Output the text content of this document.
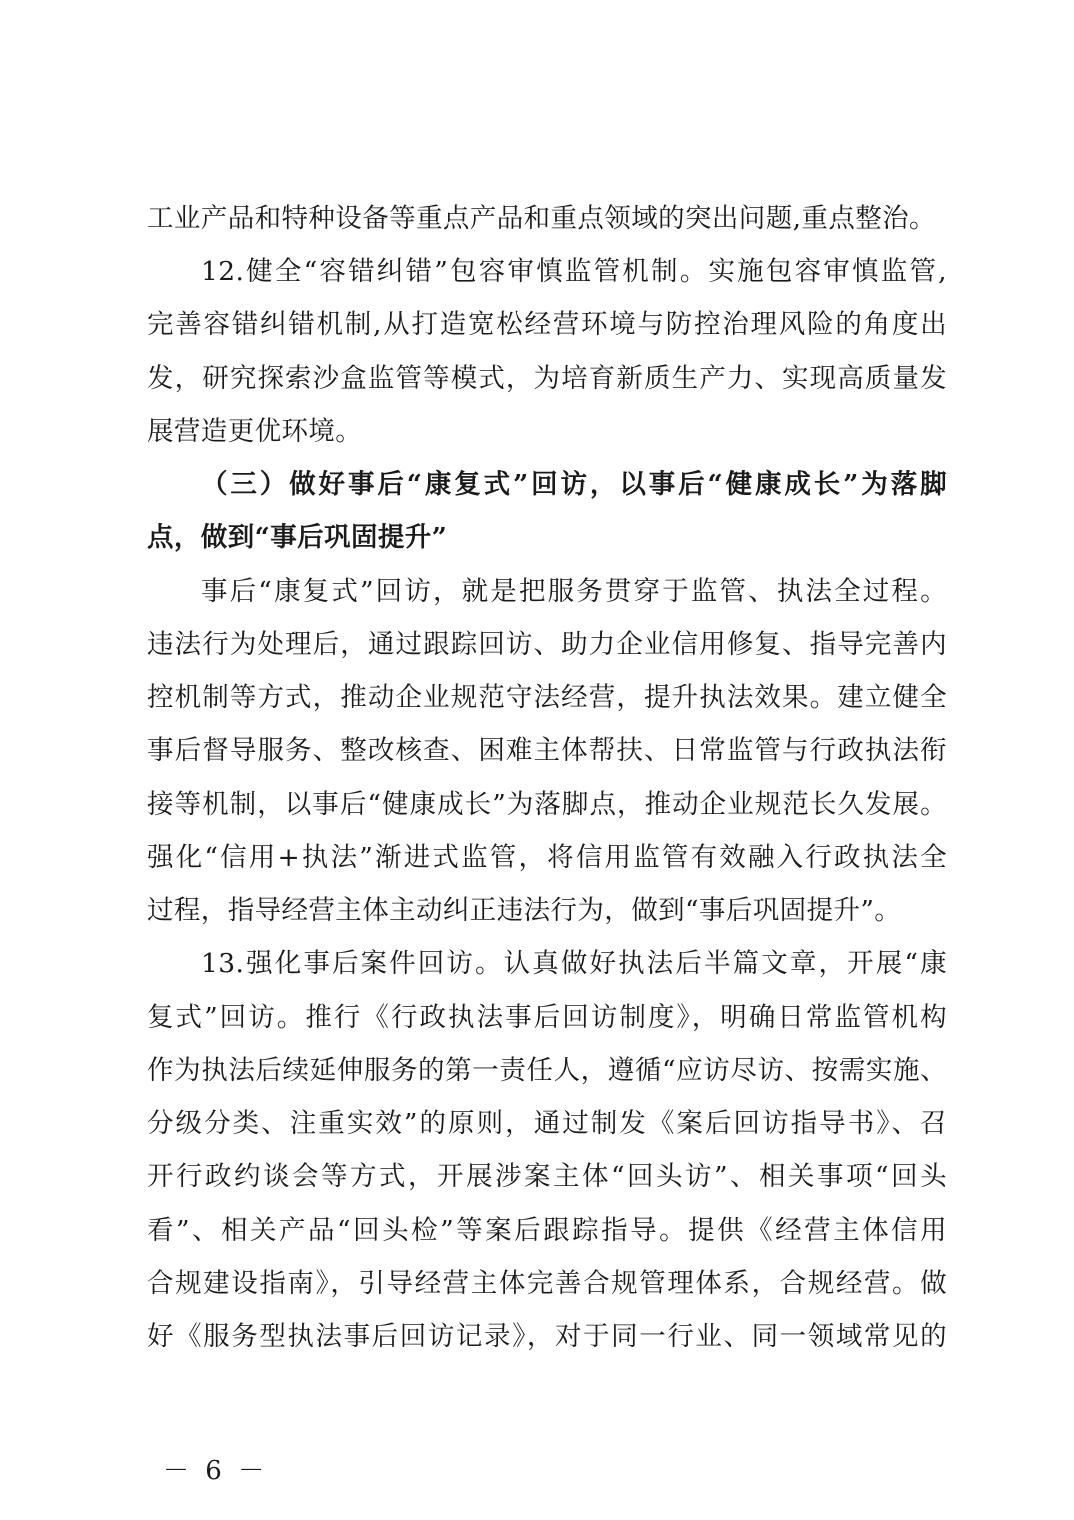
工业产品和特种设备等重点产品和重点领域的突出问题,重点整治。
12.健全“容错纠错”包容审慎监管机制。实施包容审慎监管,
完善容错纠错机制,从打造宽松经营环境与防控治理风险的角度出
发，研究探索沙盒监管等模式，为培育新质生产力、实现高质量发
展营造更优环境。
（三）做好事后“康复式”回访，以事后“健康成长”为落脚
点，做到“事后巩固提升”
事后“康复式”回访，就是把服务贯穿于监管、执法全过程。
违法行为处理后，通过跟踪回访、助力企业信用修复、指导完善内
控机制等方式，推动企业规范守法经营，提升执法效果。建立健全
事后督导服务、整改核查、困难主体帮扶、日常监管与行政执法衔
接等机制，以事后“健康成长”为落脚点，推动企业规范长久发展。
强化“信用+执法”渐进式监管，将信用监管有效融入行政执法全
过程，指导经营主体主动纠正违法行为，做到“事后巩固提升”。
13.强化事后案件回访。认真做好执法后半篇文章，开展“康
复式”回访。推行《行政执法事后回访制度》，明确日常监管机构
作为执法后续延伸服务的第一责任人，遵循“应访尽访、按需实施、
分级分类、注重实效”的原则，通过制发《案后回访指导书》、召
开行政约谈会等方式，开展涉案主体“回头访”、相关事项“回头
看”、相关产品“回头检”等案后跟踪指导。提供《经营主体信用
合规建设指南》，引导经营主体完善合规管理体系，合规经营。做
好《服务型执法事后回访记录》，对于同一行业、同一领域常见的
－ 6 －
